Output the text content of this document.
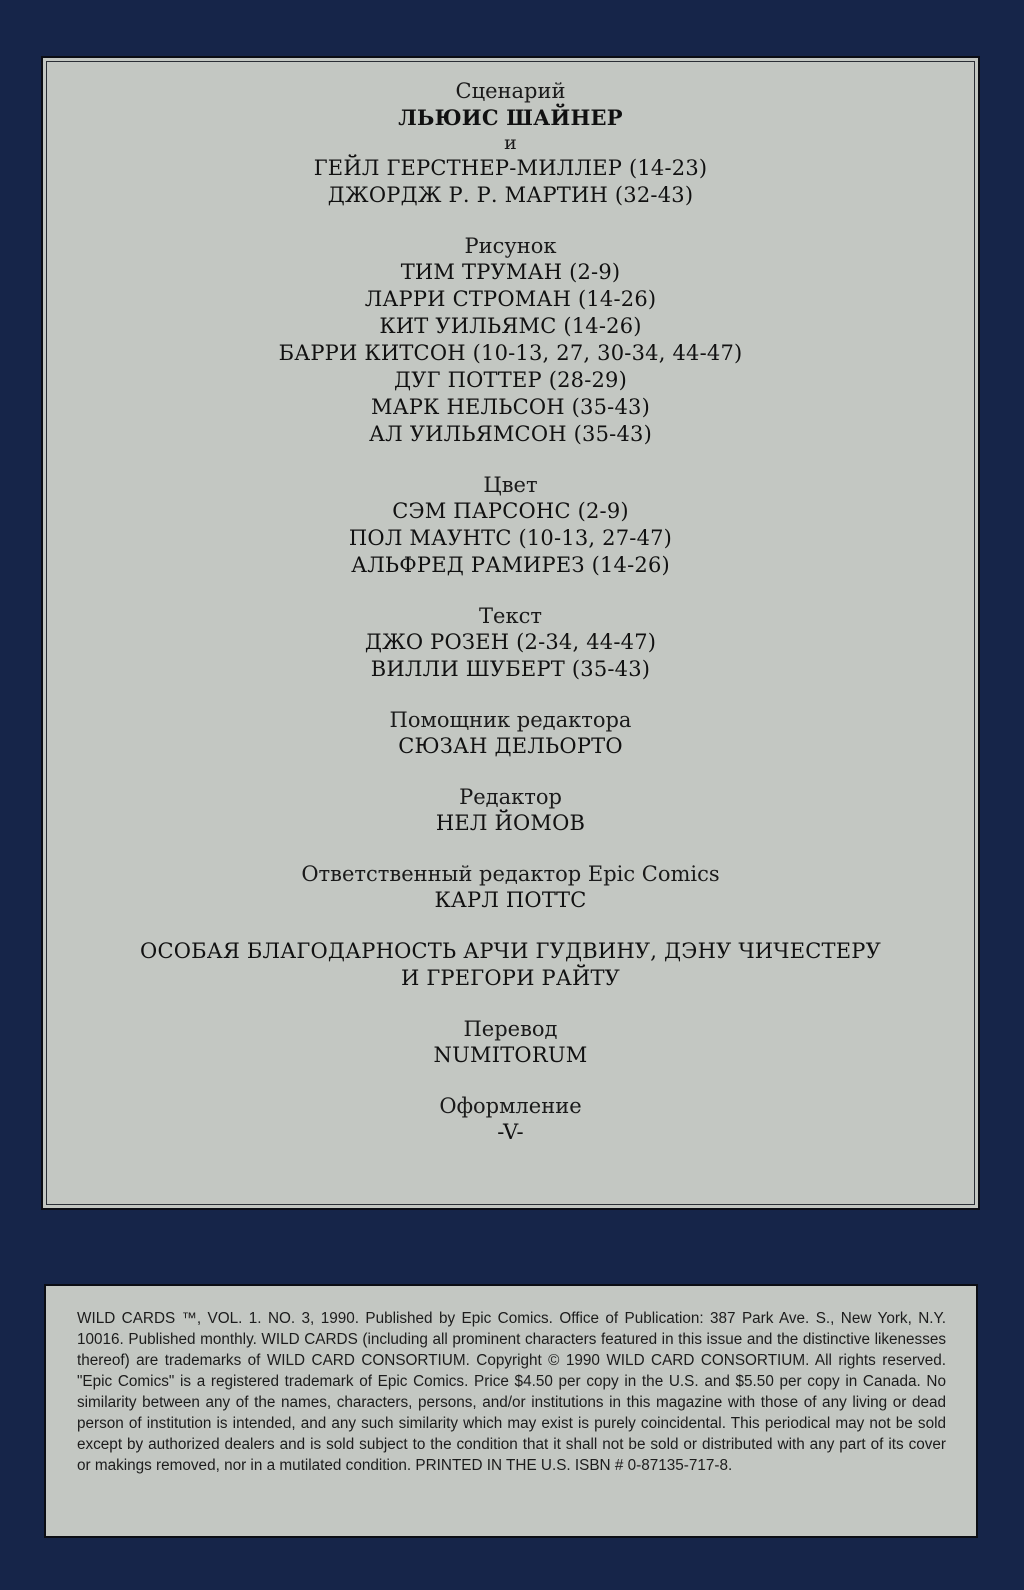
Сценарий
ЛЬЮИС ШАЙНЕР
и
ГЕЙЛ ГЕРСТНЕР-МИЛЛЕР (14-23)
ДЖОРДЖ Р. Р. МАРТИН (32-43)
Рисунок
ТИМ ТРУМАН (2-9)
ЛАРРИ СТРОМАН (14-26)
КИТ УИЛЬЯМС (14-26)
БАРРИ КИТСОН (10-13, 27, 30-34, 44-47)
ДУГ ПОТТЕР (28-29)
МАРК НЕЛЬСОН (35-43)
АЛ УИЛЬЯМСОН (35-43)
Цвет
СЭМ ПАРСОНС (2-9)
ПОЛ МАУНТС (10-13, 27-47)
АЛЬФРЕД РАМИРЕЗ (14-26)
Текст
ДЖО РОЗЕН (2-34, 44-47)
ВИЛЛИ ШУБЕРТ (35-43)
Помощник редактора
СЮЗАН ДЕЛЬОРТО
Редактор
НЕЛ ЙОМОВ
Ответственный редактор Epic Comics
КАРЛ ПОТТС
ОСОБАЯ БЛАГОДАРНОСТЬ АРЧИ ГУДВИНУ, ДЭНУ ЧИЧЕСТЕРУ
И ГРЕГОРИ РАЙТУ
Перевод
NUMITORUM
Оформление
-V-

WILD CARDS ™, VOL. 1. NO. 3, 1990. Published by Epic Comics. Office of Publication: 387 Park Ave. S., New York, N.Y. 10016. Published monthly. WILD CARDS (including all prominent characters featured in this issue and the distinctive likenesses thereof) are trademarks of WILD CARD CONSORTIUM. Copyright © 1990 WILD CARD CONSORTIUM. All rights reserved. "Epic Comics" is a registered trademark of Epic Comics. Price $4.50 per copy in the U.S. and $5.50 per copy in Canada. No similarity between any of the names, characters, persons, and/or institutions in this magazine with those of any living or dead person of institution is intended, and any such similarity which may exist is purely coincidental. This periodical may not be sold except by authorized dealers and is sold subject to the condition that it shall not be sold or distributed with any part of its cover or makings removed, nor in a mutilated condition. PRINTED IN THE U.S. ISBN # 0-87135-717-8.
